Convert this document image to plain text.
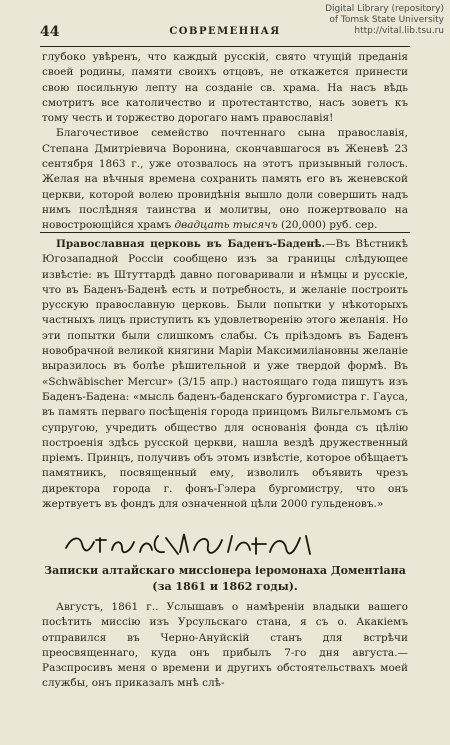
Digital Library (repository)
of Tomsk State University
http://vital.lib.tsu.ru
44	СОВРЕМЕННАЯ

глубоко увѣренъ, что каждый русскій, свято чтущій преданія своей родины, памяти своихъ отцовъ, не откажется принести свою посильную лепту на созданіе св. храма. На насъ вѣдь смотритъ все католичество и протестантство, насъ зоветъ къ тому честь и торжество дорогаго намъ православія!

Благочестивое семейство почтеннаго сына православія, Степана Дмитріевича Воронина, скончавшагося въ Женевѣ 23 сентября 1863 г., уже отозвалось на этотъ призывный голосъ. Желая на вѣчныя времена сохранить память его въ женевской церкви, которой волею провидѣнія вышло доли совершить надъ нимъ послѣдняя таинства и молитвы, оно пожертвовало на новостроющійся храмъ двадцать тысячъ (20,000) руб. сер.

Православная церковь въ Баденъ-Баденѣ.—Въ Вѣстникѣ Югозападной Россіи сообщено изъ за границы слѣдующее извѣстіе: въ Штуттардѣ давно поговаривали и нѣмцы и русскіе, что въ Баденъ-Баденѣ есть и потребность, и желаніе построить русскую православную церковь. Были попытки у нѣкоторыхъ частныхъ лицъ приступить къ удовлетворенію этого желанія. Но эти попытки были слишкомъ слабы. Съ пріѣздомъ въ Баденъ новобрачной великой княгини Маріи Максимиліановны желаніе выразилось въ болѣе рѣшительной и уже твердой формѣ. Въ «Schwäbischer Mercur» (3/15 апр.) настоящаго года пишутъ изъ Баденъ-Бадена: «мысль баденъ-баденскаго бургомистра г. Гауса, въ память перваго посѣщенія города принцомъ Вильгельмомъ съ супругою, учредить общество для основанія фонда съ цѣлію построенія здѣсь русской церкви, нашла вездѣ дружественный пріемъ. Принцъ, получивъ объ этомъ извѣстіе, которое обѣщаетъ памятникъ, посвященный ему, изволилъ объявить чрезъ директора города г. фонъ-Гэлера бургомистру, что онъ жертвуетъ въ фондъ для означенной цѣли 2000 гульденовъ.»

Записки алтайскаго миссіонера іеромонаха Доментіана (за 1861 и 1862 годы).

Августъ, 1861 г.. Услышавъ о намѣреніи владыки вашего посѣтить миссію изъ Урсульскаго стана, я съ о. Акакіемъ отправился въ Черно-Ануйскій станъ для встрѣчи преосвященнаго, куда онъ прибылъ 7-го дня августа.—Разспросивъ меня о времени и другихъ обстоятельствахъ моей службы, онъ приказалъ мнѣ слѣ-
